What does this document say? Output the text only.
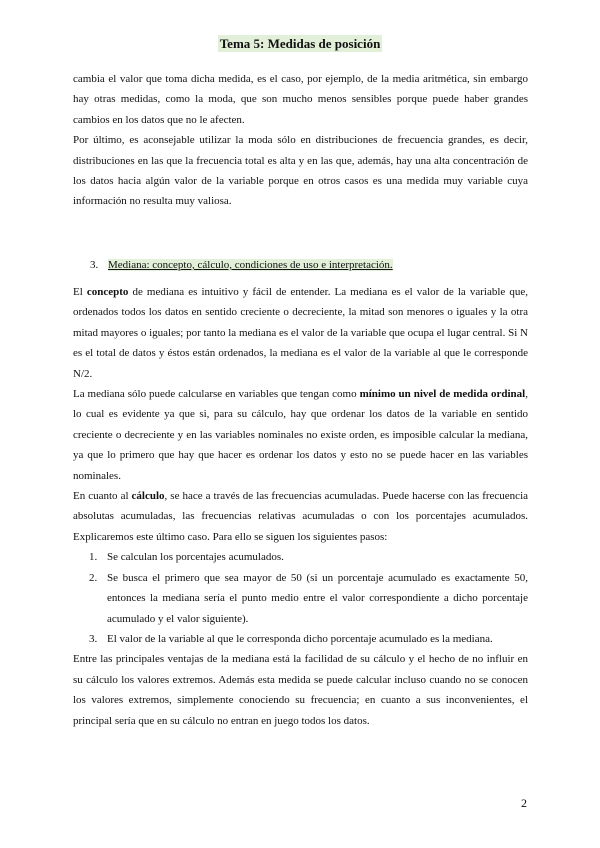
Tema 5: Medidas de posición

cambia el valor que toma dicha medida, es el caso, por ejemplo, de la media aritmética, sin embargo hay otras medidas, como la moda, que son mucho menos sensibles porque puede haber grandes cambios en los datos que no le afecten.

Por último, es aconsejable utilizar la moda sólo en distribuciones de frecuencia grandes, es decir, distribuciones en las que la frecuencia total es alta y en las que, además, hay una alta concentración de los datos hacia algún valor de la variable porque en otros casos es una medida muy variable cuya información no resulta muy valiosa.

3. Mediana: concepto, cálculo, condiciones de uso e interpretación.

El concepto de mediana es intuitivo y fácil de entender. La mediana es el valor de la variable que, ordenados todos los datos en sentido creciente o decreciente, la mitad son menores o iguales y la otra mitad mayores o iguales; por tanto la mediana es el valor de la variable que ocupa el lugar central. Si N es el total de datos y éstos están ordenados, la mediana es el valor de la variable al que le corresponde N/2.

La mediana sólo puede calcularse en variables que tengan como mínimo un nivel de medida ordinal, lo cual es evidente ya que si, para su cálculo, hay que ordenar los datos de la variable en sentido creciente o decreciente y en las variables nominales no existe orden, es imposible calcular la mediana, ya que lo primero que hay que hacer es ordenar los datos y esto no se puede hacer en las variables nominales.

En cuanto al cálculo, se hace a través de las frecuencias acumuladas. Puede hacerse con las frecuencia absolutas acumuladas, las frecuencias relativas acumuladas o con los porcentajes acumulados. Explicaremos este último caso. Para ello se siguen los siguientes pasos:

1. Se calculan los porcentajes acumulados.
2. Se busca el primero que sea mayor de 50 (si un porcentaje acumulado es exactamente 50, entonces la mediana sería el punto medio entre el valor correspondiente a dicho porcentaje acumulado y el valor siguiente).
3. El valor de la variable al que le corresponda dicho porcentaje acumulado es la mediana.

Entre las principales ventajas de la mediana está la facilidad de su cálculo y el hecho de no influir en su cálculo los valores extremos. Además esta medida se puede calcular incluso cuando no se conocen los valores extremos, simplemente conociendo su frecuencia; en cuanto a sus inconvenientes, el principal sería que en su cálculo no entran en juego todos los datos.

2
